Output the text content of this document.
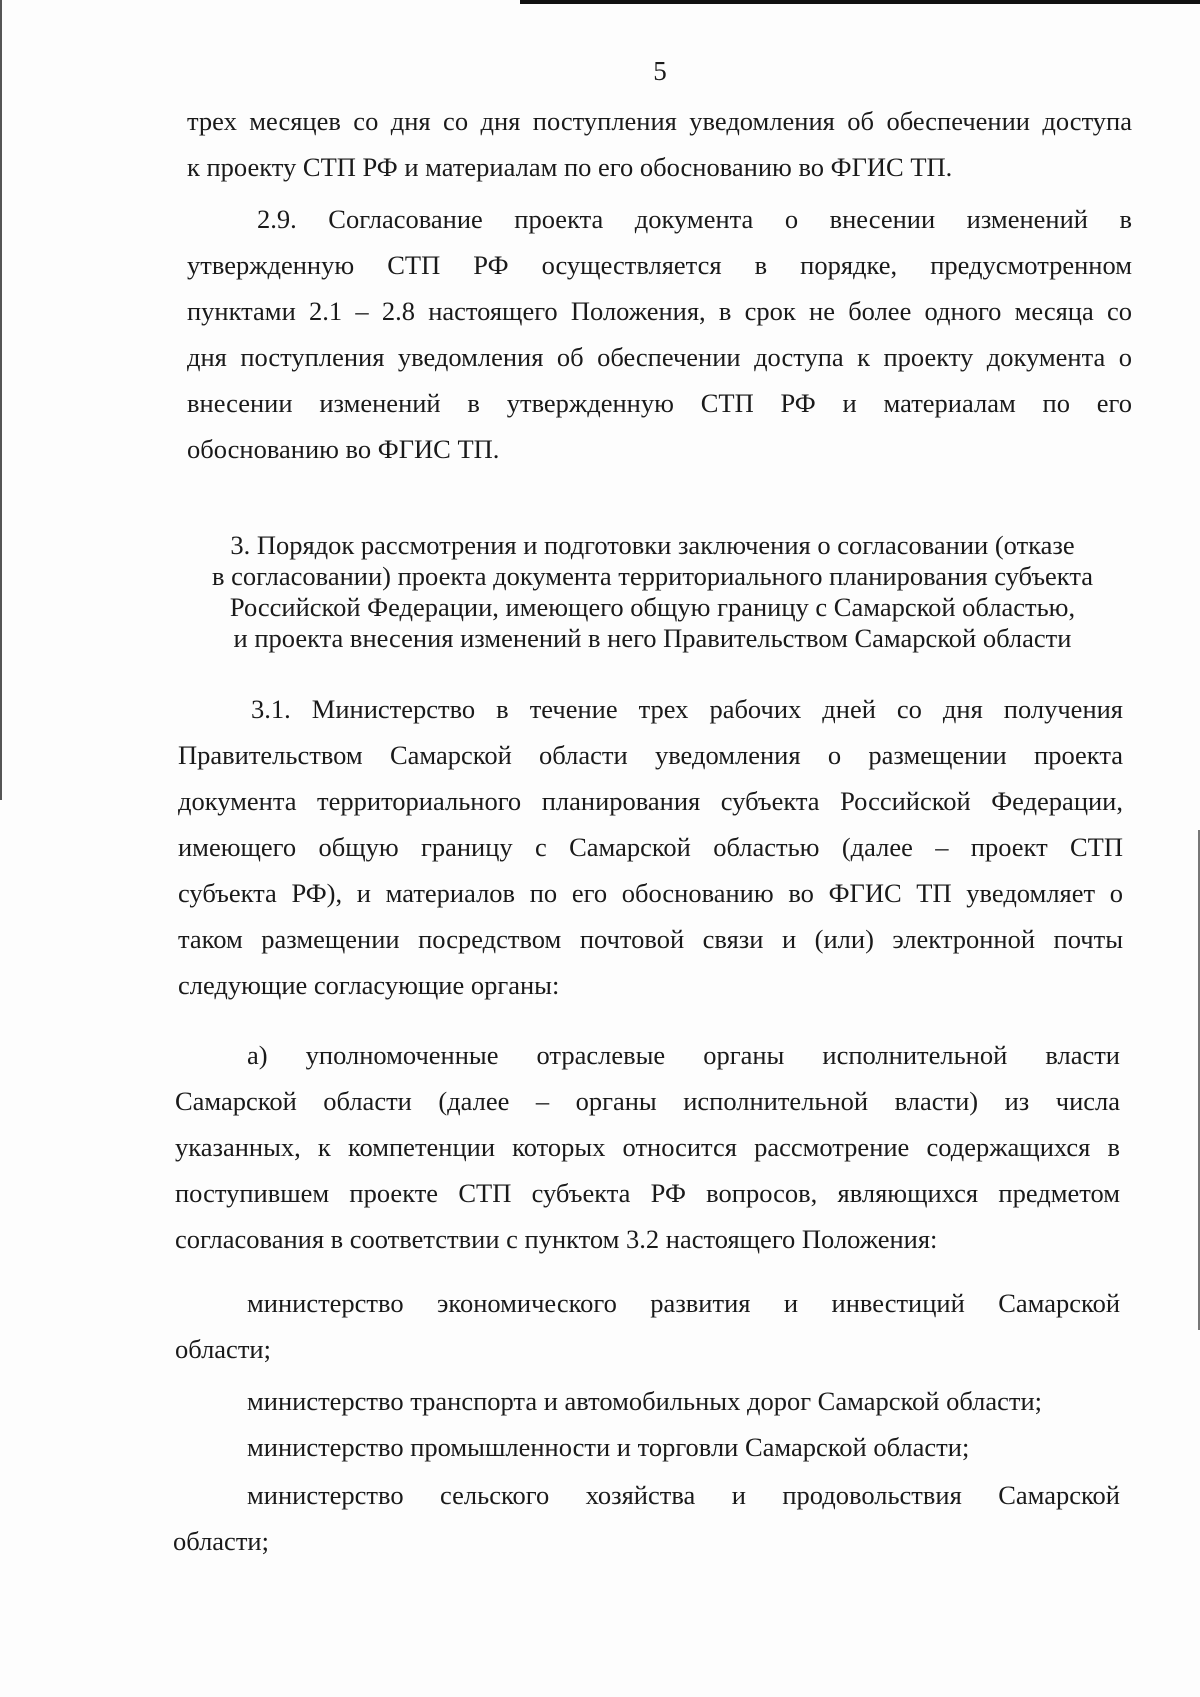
5
трех месяцев со дня со дня поступления уведомления об обеспечении доступа
к проекту СТП РФ и материалам по его обоснованию во ФГИС ТП.
2.9. Согласование проекта документа о внесении изменений в
утвержденную СТП РФ осуществляется в порядке, предусмотренном
пунктами 2.1 – 2.8 настоящего Положения, в срок не более одного месяца со
дня поступления уведомления об обеспечении доступа к проекту документа о
внесении изменений в утвержденную СТП РФ и материалам по его
обоснованию во ФГИС ТП.
3. Порядок рассмотрения и подготовки заключения о согласовании (отказе
в согласовании) проекта документа территориального планирования субъекта
Российской Федерации, имеющего общую границу с Самарской областью,
и проекта внесения изменений в него Правительством Самарской области
3.1. Министерство в течение трех рабочих дней со дня получения
Правительством Самарской области уведомления о размещении проекта
документа территориального планирования субъекта Российской Федерации,
имеющего общую границу с Самарской областью (далее – проект СТП
субъекта РФ), и материалов по его обоснованию во ФГИС ТП уведомляет о
таком размещении посредством почтовой связи и (или) электронной почты
следующие согласующие органы:
а) уполномоченные отраслевые органы исполнительной власти
Самарской области (далее – органы исполнительной власти) из числа
указанных, к компетенции которых относится рассмотрение содержащихся в
поступившем проекте СТП субъекта РФ вопросов, являющихся предметом
согласования в соответствии с пунктом 3.2 настоящего Положения:
министерство экономического развития и инвестиций Самарской
области;
министерство транспорта и автомобильных дорог Самарской области;
министерство промышленности и торговли Самарской области;
министерство сельского хозяйства и продовольствия Самарской
области;
